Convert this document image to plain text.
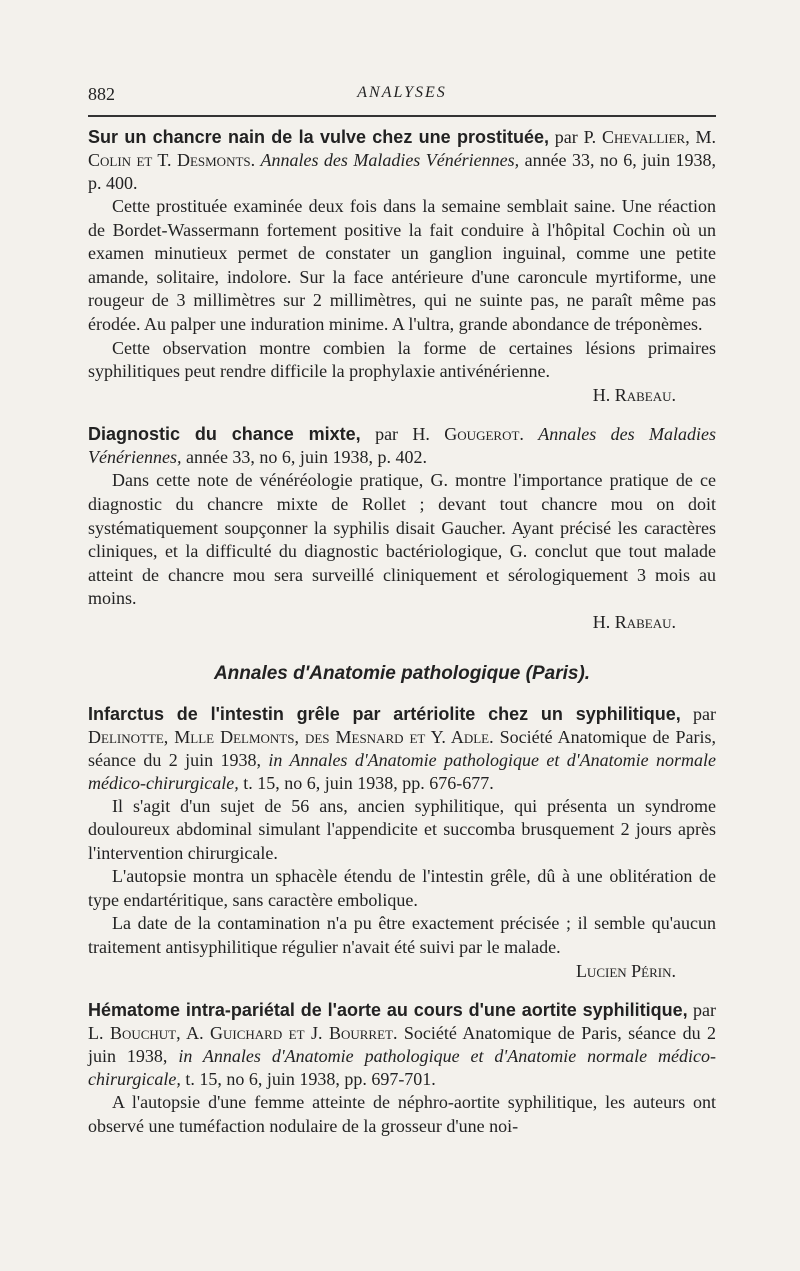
882	ANALYSES
Sur un chancre nain de la vulve chez une prostituée, par P. Chevallier, M. Colin et T. Desmonts. Annales des Maladies Vénériennes, année 33, no 6, juin 1938, p. 400.

Cette prostituée examinée deux fois dans la semaine semblait saine. Une réaction de Bordet-Wassermann fortement positive la fait conduire à l'hôpital Cochin où un examen minutieux permet de constater un ganglion inguinal, comme une petite amande, solitaire, indolore. Sur la face antérieure d'une caroncule myrtiforme, une rougeur de 3 millimètres sur 2 millimètres, qui ne suinte pas, ne paraît même pas érodée. Au palper une induration minime. A l'ultra, grande abondance de tréponèmes.

Cette observation montre combien la forme de certaines lésions primaires syphilitiques peut rendre difficile la prophylaxie antivénérienne.

H. Rabeau.

Diagnostic du chance mixte, par H. Gougerot. Annales des Maladies Vénériennes, année 33, no 6, juin 1938, p. 402.

Dans cette note de vénéréologie pratique, G. montre l'importance pratique de ce diagnostic du chancre mixte de Rollet ; devant tout chancre mou on doit systématiquement soupçonner la syphilis disait Gaucher. Ayant précisé les caractères cliniques, et la difficulté du diagnostic bactériologique, G. conclut que tout malade atteint de chancre mou sera surveillé cliniquement et sérologiquement 3 mois au moins.

H. Rabeau.

Annales d'Anatomie pathologique (Paris).
Infarctus de l'intestin grêle par artériolite chez un syphilitique, par Delinotte, Mlle Delmonts, des Mesnard et Y. Adle. Société Anatomique de Paris, séance du 2 juin 1938, in Annales d'Anatomie pathologique et d'Anatomie normale médico-chirurgicale, t. 15, no 6, juin 1938, pp. 676-677.

Il s'agit d'un sujet de 56 ans, ancien syphilitique, qui présenta un syndrome douloureux abdominal simulant l'appendicite et succomba brusquement 2 jours après l'intervention chirurgicale.

L'autopsie montra un sphacèle étendu de l'intestin grêle, dû à une oblitération de type endartéritique, sans caractère embolique.

La date de la contamination n'a pu être exactement précisée ; il semble qu'aucun traitement antisyphilitique régulier n'avait été suivi par le malade.

Lucien Périn.

Hématome intra-pariétal de l'aorte au cours d'une aortite syphilitique, par L. Bouchut, A. Guichard et J. Bourret. Société Anatomique de Paris, séance du 2 juin 1938, in Annales d'Anatomie pathologique et d'Anatomie normale médico-chirurgicale, t. 15, no 6, juin 1938, pp. 697-701.

A l'autopsie d'une femme atteinte de néphro-aortite syphilitique, les auteurs ont observé une tuméfaction nodulaire de la grosseur d'une noi-
